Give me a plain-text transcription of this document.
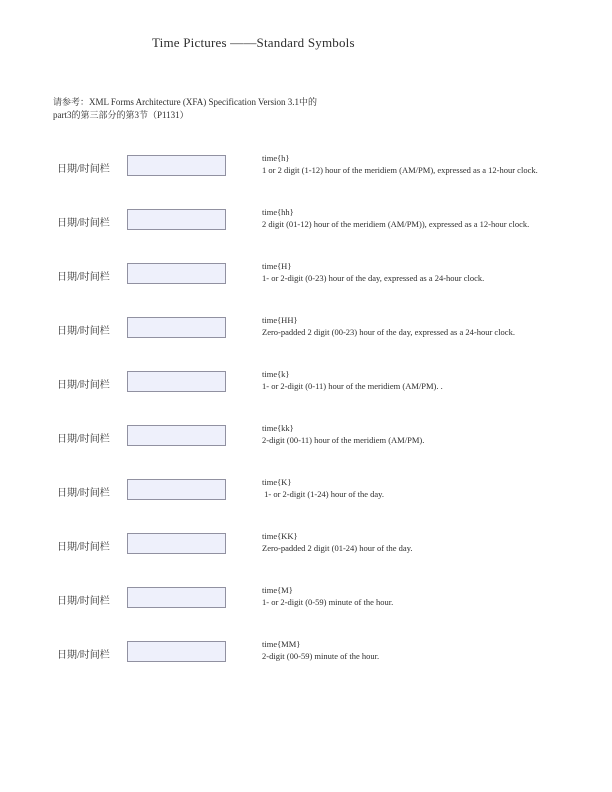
Time Pictures ——Standard Symbols
请参考：XML Forms Architecture (XFA) Specification Version 3.1中的
part3的第三部分的第3节（P1131）
日期/时间栏
time{h}
1 or 2 digit (1-12) hour of the meridiem (AM/PM), expressed as a 12-hour clock.
日期/时间栏
time{hh}
2 digit (01-12) hour of the meridiem (AM/PM)), expressed as a 12-hour clock.
日期/时间栏
time{H}
1- or 2-digit (0-23) hour of the day, expressed as a 24-hour clock.
日期/时间栏
time{HH}
Zero-padded 2 digit (00-23) hour of the day, expressed as a 24-hour clock.
日期/时间栏
time{k}
1- or 2-digit (0-11) hour of the meridiem (AM/PM). .
日期/时间栏
time{kk}
2-digit (00-11) hour of the meridiem (AM/PM).
日期/时间栏
time{K}
1- or 2-digit (1-24) hour of the day.
日期/时间栏
time{KK}
Zero-padded 2 digit (01-24) hour of the day.
日期/时间栏
time{M}
1- or 2-digit (0-59) minute of the hour.
日期/时间栏
time{MM}
2-digit (00-59) minute of the hour.
